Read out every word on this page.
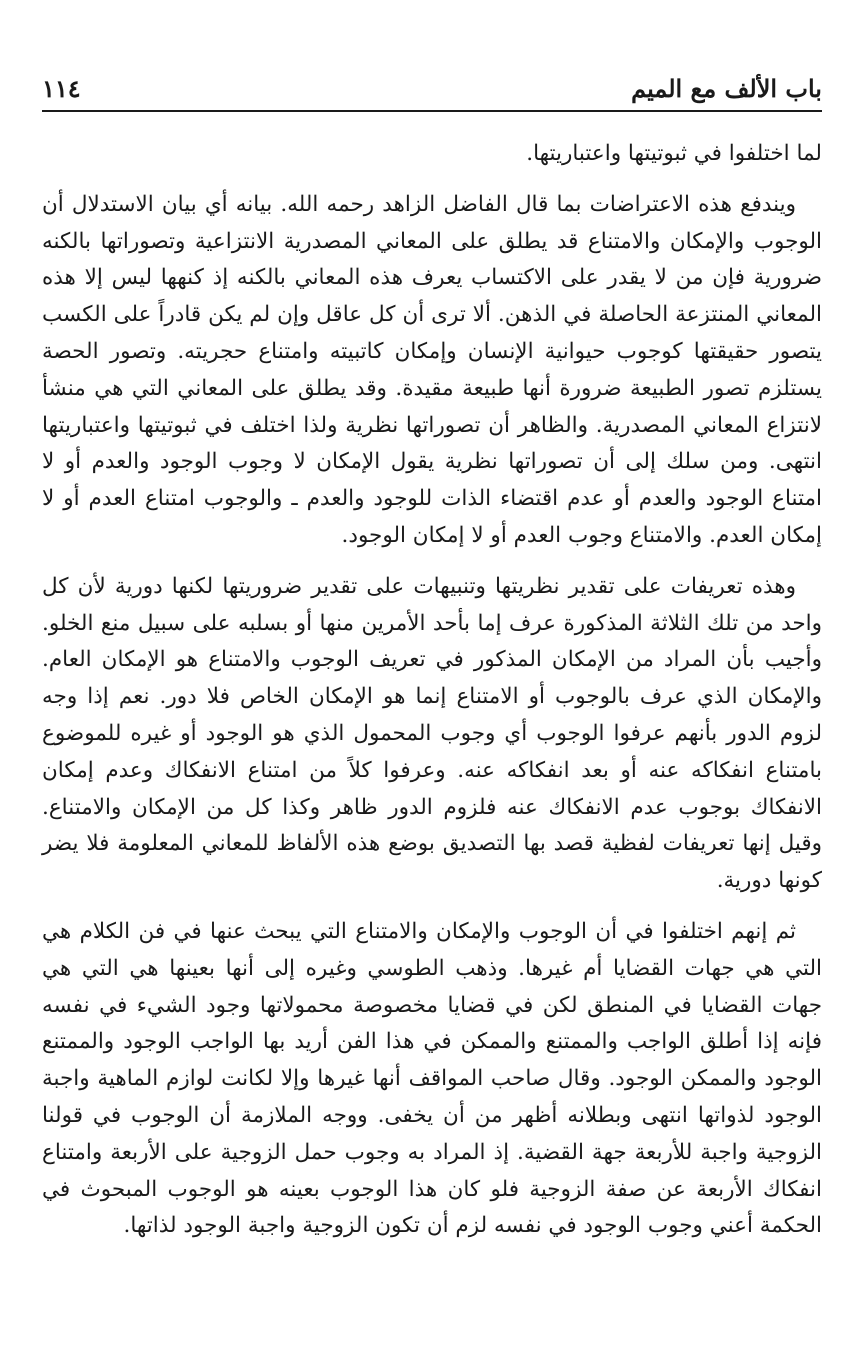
باب الألف مع الميم
١١٤

لما اختلفوا في ثبوتيتها واعتباريتها.

ويندفع هذه الاعتراضات بما قال الفاضل الزاهد رحمه الله. بيانه أي بيان الاستدلال أن الوجوب والإمكان والامتناع قد يطلق على المعاني المصدرية الانتزاعية وتصوراتها بالكنه ضرورية فإن من لا يقدر على الاكتساب يعرف هذه المعاني بالكنه إذ كنهها ليس إلا هذه المعاني المنتزعة الحاصلة في الذهن. ألا ترى أن كل عاقل وإن لم يكن قادراً على الكسب يتصور حقيقتها كوجوب حيوانية الإنسان وإمكان كاتبيته وامتناع حجريته. وتصور الحصة يستلزم تصور الطبيعة ضرورة أنها طبيعة مقيدة. وقد يطلق على المعاني التي هي منشأ لانتزاع المعاني المصدرية. والظاهر أن تصوراتها نظرية ولذا اختلف في ثبوتيتها واعتباريتها انتهى. ومن سلك إلى أن تصوراتها نظرية يقول الإمكان لا وجوب الوجود والعدم أو لا امتناع الوجود والعدم أو عدم اقتضاء الذات للوجود والعدم ـ والوجوب امتناع العدم أو لا إمكان العدم. والامتناع وجوب العدم أو لا إمكان الوجود.

وهذه تعريفات على تقدير نظريتها وتنبيهات على تقدير ضروريتها لكنها دورية لأن كل واحد من تلك الثلاثة المذكورة عرف إما بأحد الأمرين منها أو بسلبه على سبيل منع الخلو. وأجيب بأن المراد من الإمكان المذكور في تعريف الوجوب والامتناع هو الإمكان العام. والإمكان الذي عرف بالوجوب أو الامتناع إنما هو الإمكان الخاص فلا دور. نعم إذا وجه لزوم الدور بأنهم عرفوا الوجوب أي وجوب المحمول الذي هو الوجود أو غيره للموضوع بامتناع انفكاكه عنه أو بعد انفكاكه عنه. وعرفوا كلاً من امتناع الانفكاك وعدم إمكان الانفكاك بوجوب عدم الانفكاك عنه فلزوم الدور ظاهر وكذا كل من الإمكان والامتناع. وقيل إنها تعريفات لفظية قصد بها التصديق بوضع هذه الألفاظ للمعاني المعلومة فلا يضر كونها دورية.

ثم إنهم اختلفوا في أن الوجوب والإمكان والامتناع التي يبحث عنها في فن الكلام هي التي هي جهات القضايا أم غيرها. وذهب الطوسي وغيره إلى أنها بعينها هي التي هي جهات القضايا في المنطق لكن في قضايا مخصوصة محمولاتها وجود الشيء في نفسه فإنه إذا أطلق الواجب والممتنع والممكن في هذا الفن أريد بها الواجب الوجود والممتنع الوجود والممكن الوجود. وقال صاحب المواقف أنها غيرها وإلا لكانت لوازم الماهية واجبة الوجود لذواتها انتهى وبطلانه أظهر من أن يخفى. ووجه الملازمة أن الوجوب في قولنا الزوجية واجبة للأربعة جهة القضية. إذ المراد به وجوب حمل الزوجية على الأربعة وامتناع انفكاك الأربعة عن صفة الزوجية فلو كان هذا الوجوب بعينه هو الوجوب المبحوث في الحكمة أعني وجوب الوجود في نفسه لزم أن تكون الزوجية واجبة الوجود لذاتها.
